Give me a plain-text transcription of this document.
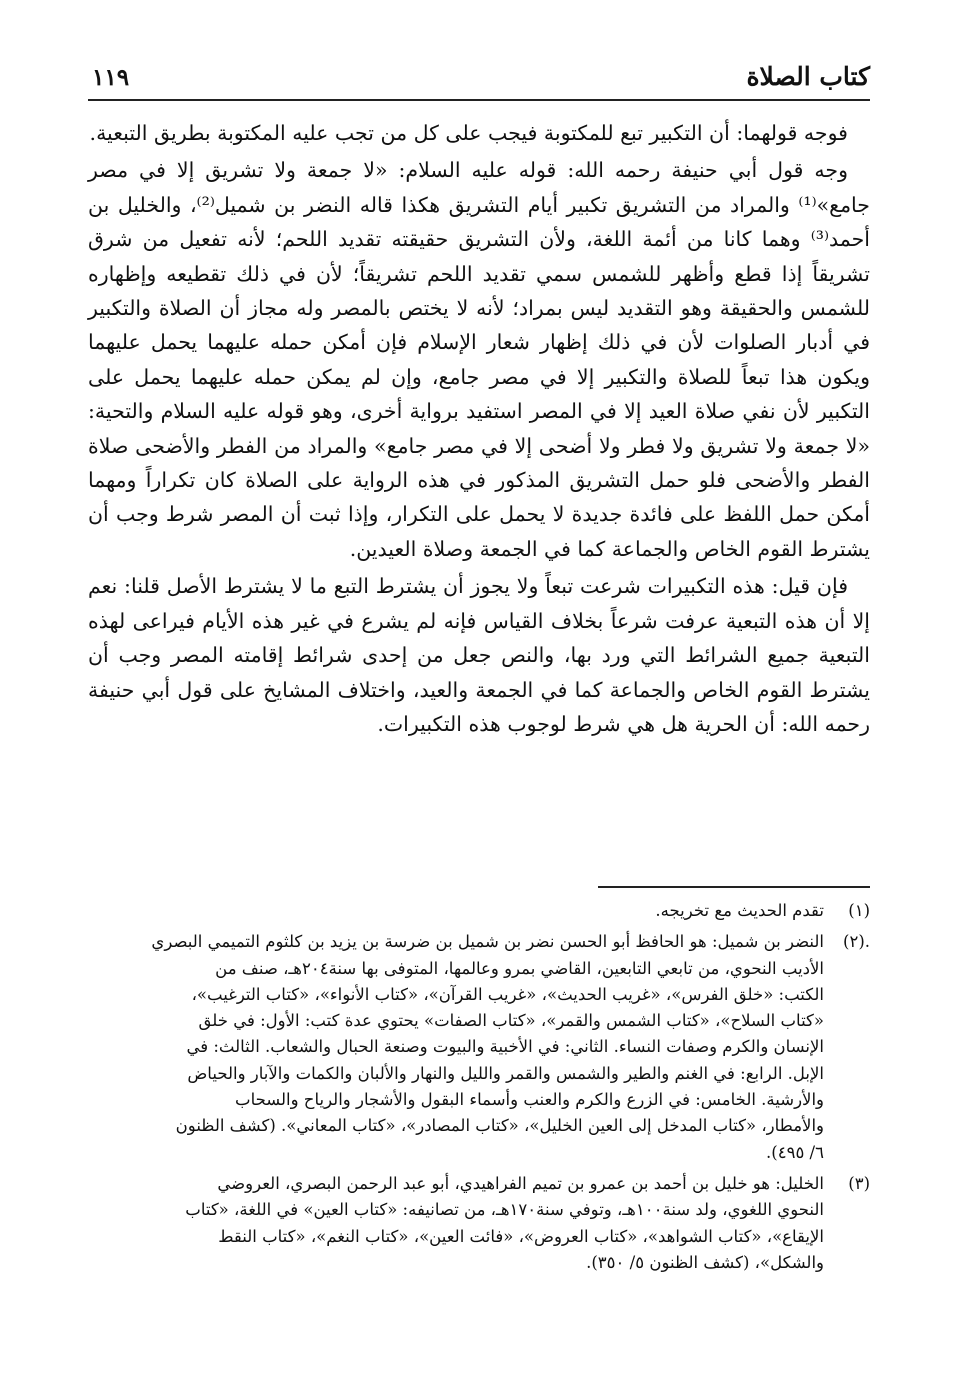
كتاب الصلاة
١١٩

فوجه قولهما: أن التكبير تبع للمكتوبة فيجب على كل من تجب عليه المكتوبة بطريق التبعية.

وجه قول أبي حنيفة رحمه الله: قوله عليه السلام: «لا جمعة ولا تشريق إلا في مصر جامع»⁽¹⁾ والمراد من التشريق تكبير أيام التشريق هكذا قاله النضر بن شميل⁽²⁾، والخليل بن أحمد⁽³⁾ وهما كانا من أئمة اللغة، ولأن التشريق حقيقته تقديد اللحم؛ لأنه تفعيل من شرق تشريقاً إذا قطع وأظهر للشمس سمي تقديد اللحم تشريقاً؛ لأن في ذلك تقطيعه وإظهاره للشمس والحقيقة وهو التقديد ليس بمراد؛ لأنه لا يختص بالمصر وله مجاز أن الصلاة والتكبير في أدبار الصلوات لأن في ذلك إظهار شعار الإسلام فإن أمكن حمله عليهما يحمل عليهما ويكون هذا تبعاً للصلاة والتكبير إلا في مصر جامع، وإن لم يمكن حمله عليهما يحمل على التكبير لأن نفي صلاة العيد إلا في المصر استفيد برواية أخرى، وهو قوله عليه السلام والتحية: «لا جمعة ولا تشريق ولا فطر ولا أضحى إلا في مصر جامع» والمراد من الفطر والأضحى صلاة الفطر والأضحى فلو حمل التشريق المذكور في هذه الرواية على الصلاة كان تكراراً ومهما أمكن حمل اللفظ على فائدة جديدة لا يحمل على التكرار، وإذا ثبت أن المصر شرط وجب أن يشترط القوم الخاص والجماعة كما في الجمعة وصلاة العيدين.

فإن قيل: هذه التكبيرات شرعت تبعاً ولا يجوز أن يشترط التبع ما لا يشترط الأصل قلنا: نعم إلا أن هذه التبعية عرفت شرعاً بخلاف القياس فإنه لم يشرع في غير هذه الأيام فيراعى لهذه التبعية جميع الشرائط التي ورد بها، والنص جعل من إحدى شرائط إقامته المصر وجب أن يشترط القوم الخاص والجماعة كما في الجمعة والعيد، واختلاف المشايخ على قول أبي حنيفة رحمه الله: أن الحرية هل هي شرط لوجوب هذه التكبيرات.

(١)
تقدم الحديث مع تخريجه.
.(٢)
النضر بن شميل: هو الحافظ أبو الحسن نضر بن شميل بن ضرسة بن يزيد بن كلثوم التميمي البصري
الأديب النحوي، من تابعي التابعين، القاضي بمرو وعالمها، المتوفى بها سنة٢٠٤هـ، صنف من
الكتب: «خلق الفرس»، «غريب الحديث»، «غريب القرآن»، «كتاب الأنواء»، «كتاب الترغيب»،
«كتاب السلاح»، «كتاب الشمس والقمر»، «كتاب الصفات» يحتوي عدة كتب: الأول: في خلق
الإنسان والكرم وصفات النساء. الثاني: في الأخبية والبيوت وصنعة الحبال والشعاب. الثالث: في
الإبل. الرابع: في الغنم والطير والشمس والقمر والليل والنهار والألبان والكمات والآبار والحياض
والأرشية. الخامس: في الزرع والكرم والعنب وأسماء البقول والأشجار والرياح والسحاب
والأمطار، «كتاب المدخل إلى العين الخليل»، «كتاب المصادر»، «كتاب المعاني». (كشف الظنون
٦/ ٤٩٥).
(٣)
الخليل: هو خليل بن أحمد بن عمرو بن تميم الفراهيدي، أبو عبد الرحمن البصري، العروضي
النحوي اللغوي، ولد سنة١٠٠هـ، وتوفي سنة١٧٠هـ، من تصانيفه: «كتاب العين» في اللغة، «كتاب
الإيقاع»، «كتاب الشواهد»، «كتاب العروض»، «فائت العين»، «كتاب النغم»، «كتاب النقط
والشكل»، (كشف الظنون ٥/ ٣٥٠).
